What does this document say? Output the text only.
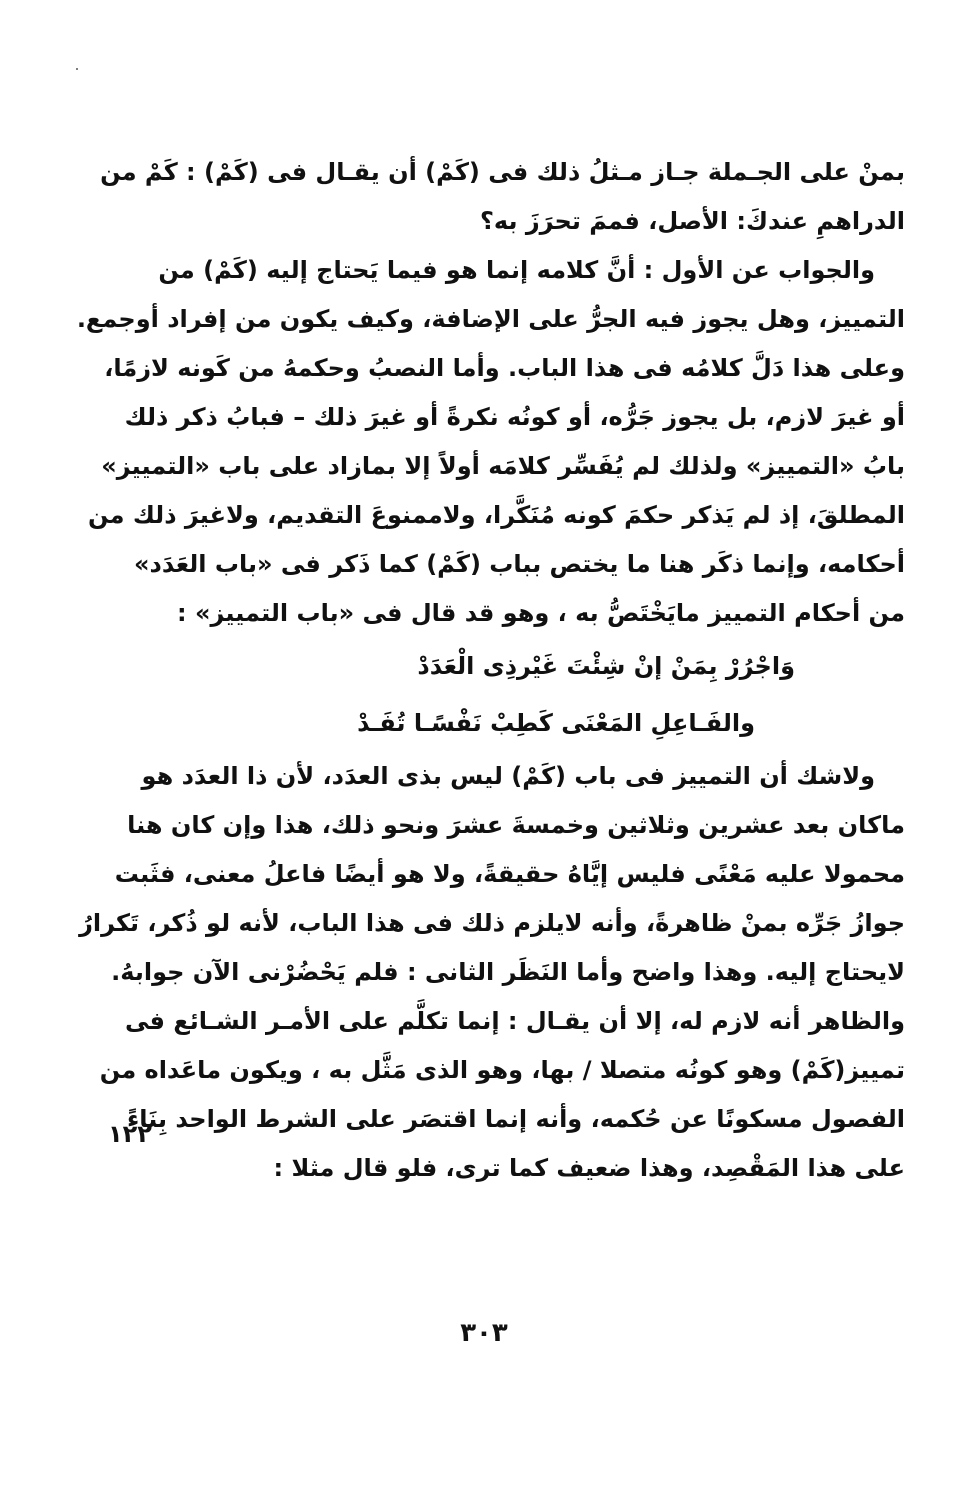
بمنْ على الجـملة جـاز مـثلُ ذلك فى (كَمْ) أن يقـال فى (كَمْ) : كَمْ من
الدراهمِ عندكَ: الأصل، فممَ تحرَزَ به؟
والجواب عن الأول : أنَّ كلامه إنما هو فيما يَحتاج إليه (كَمْ) من
التمييز، وهل يجوز فيه الجرُّ على الإضافة، وكيف يكون من إفراد أوجمع.
وعلى هذا دَلَّ كلامُه فى هذا الباب. وأما النصبُ وحكمهُ من كَونه لازمًا،
أو غيرَ لازم، بل يجوز جَرُّه، أو كونُه نكرةً أو غيرَ ذلك – فبابُ ذكر ذلك
بابُ «التمييز» ولذلك لم يُفَسِّر كلامَه أولاً إلا بمازاد على باب «التمييز»
المطلقَ، إذ لم يَذكر حكمَ كونه مُنَكَّرا، ولاممنوعَ التقديم، ولاغيرَ ذلك من
أحكامه، وإنما ذكَر هنا ما يختص بباب (كَمْ) كما ذَكر فى «باب العَدَد»
من أحكام التمييز مايَخْتَصُّ به ، وهو قد قال فى «باب التمييز» :
وَاجْرُرْ بِمَنْ إنْ شِئْتَ غَيْرذِى الْعَدَدْ
والفَـاعِلِ المَعْنَى كَطِبْ نَفْسًـا تُفَـدْ
ولاشك أن التمييز فى باب (كَمْ) ليس بذى العدَد، لأن ذا العدَد هو
ماكان بعد عشرين وثلاثين وخمسةَ عشرَ ونحو ذلك، هذا وإن كان هنا
محمولا عليه مَعْنًى فليس إيَّاهُ حقيقةً، ولا هو أيضًا فاعلُ معنى، فثَبت
جوازُ جَرِّه بمنْ ظاهرةً، وأنه لايلزم ذلك فى هذا الباب، لأنه لو ذُكر، تَكرارُ
لايحتاج إليه. وهذا واضح وأما النَظَر الثانى : فلم يَحْضُرْنى الآن جوابهُ.
والظاهر أنه لازم له، إلا أن يقـال : إنما تكلَّم على الأمـر الشـائع فى
تمييز(كَمْ) وهو كونُه متصلا / بها، وهو الذى مَثَّل به ، ويكون ماعَداه من
الفصول مسكونًا عن حُكمه، وأنه إنما اقتصَر على الشرط الواحد بِنَاءً
على هذا المَقْصِد، وهذا ضعيف كما ترى، فلو قال مثلا :
١٢٢
٣٠٣
